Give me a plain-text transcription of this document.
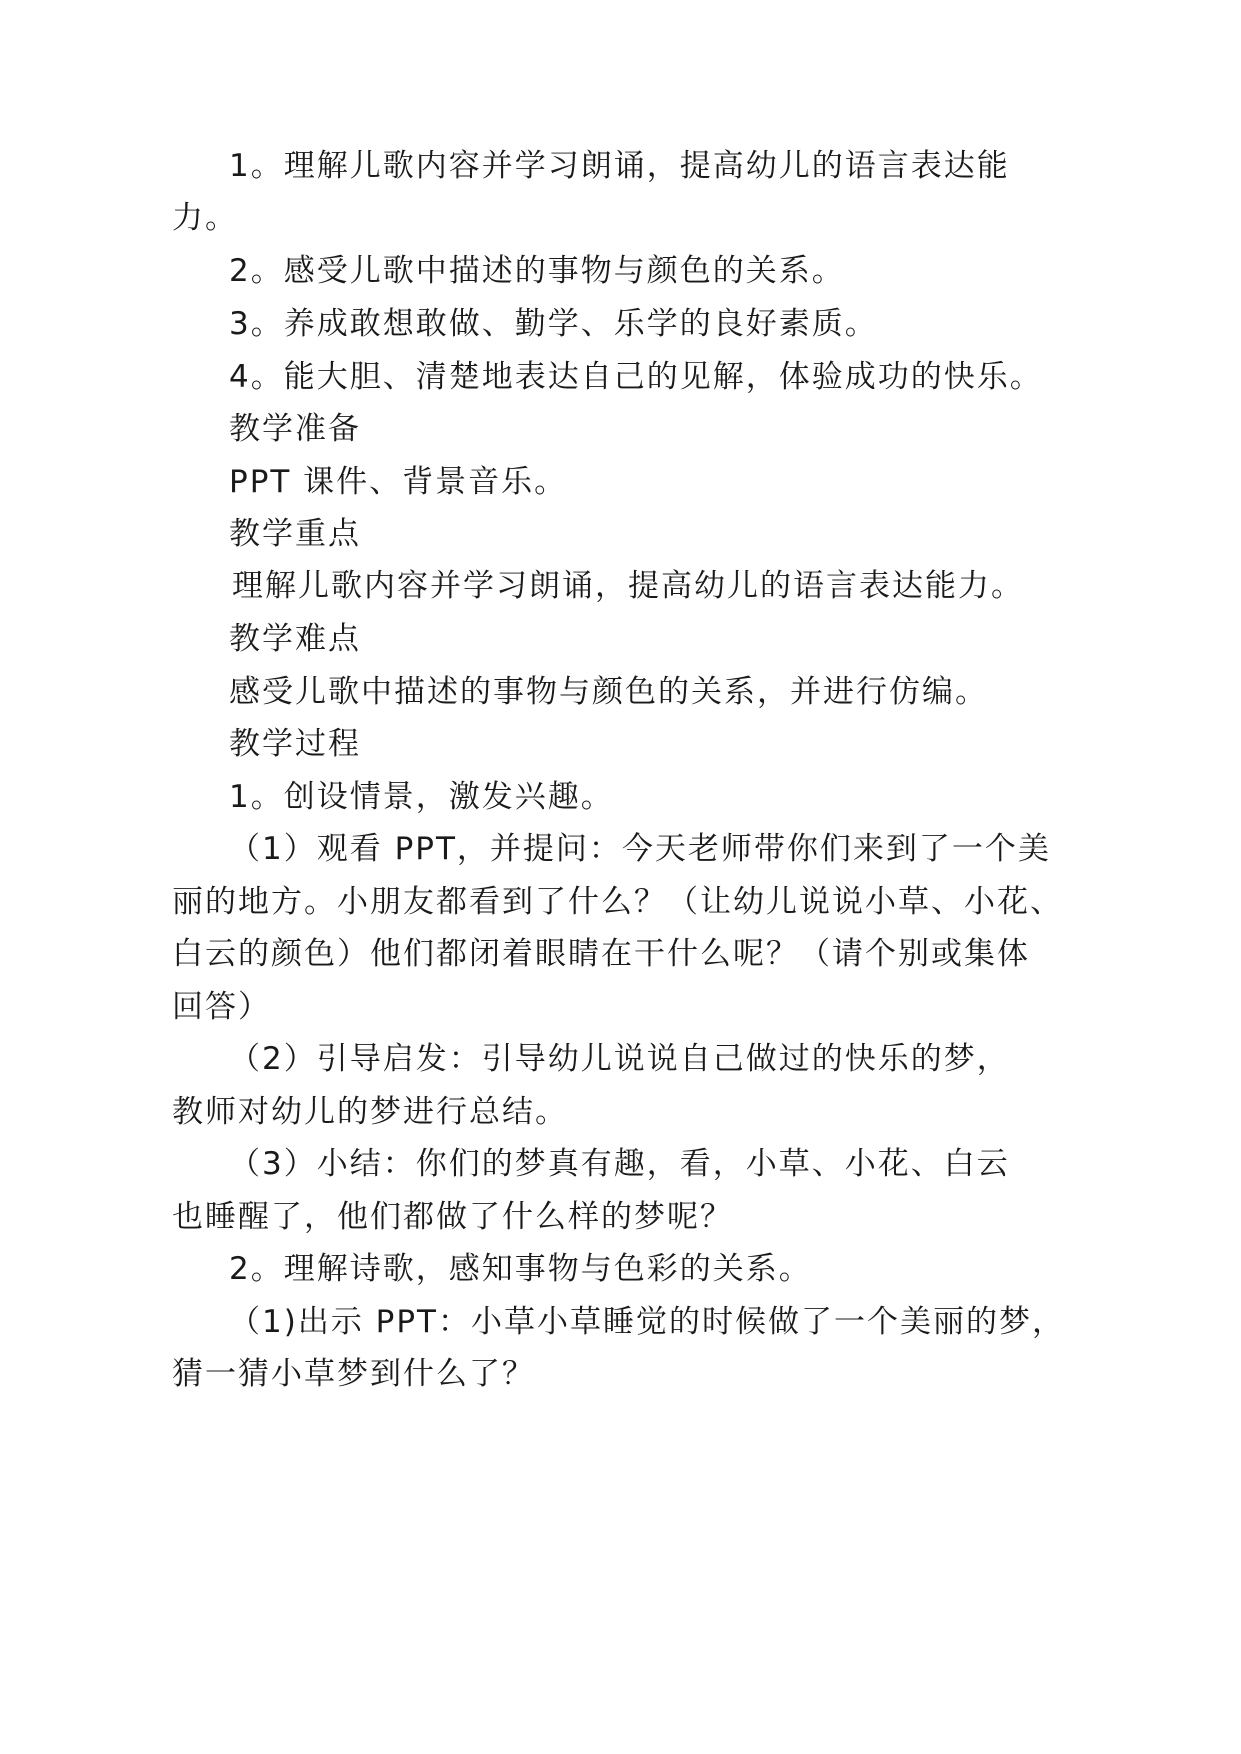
1。理解儿歌内容并学习朗诵，提高幼儿的语言表达能
力。
2。感受儿歌中描述的事物与颜色的关系。
3。养成敢想敢做、勤学、乐学的良好素质。
4。能大胆、清楚地表达自己的见解，体验成功的快乐。
教学准备
PPT 课件、背景音乐。
教学重点
理解儿歌内容并学习朗诵，提高幼儿的语言表达能力。
教学难点
感受儿歌中描述的事物与颜色的关系，并进行仿编。
教学过程
1。创设情景，激发兴趣。
（1）观看 PPT，并提问：今天老师带你们来到了一个美
丽的地方。小朋友都看到了什么？（让幼儿说说小草、小花、
白云的颜色）他们都闭着眼睛在干什么呢？（请个别或集体
回答）
（2）引导启发：引导幼儿说说自己做过的快乐的梦，
教师对幼儿的梦进行总结。
（3）小结：你们的梦真有趣，看，小草、小花、白云
也睡醒了，他们都做了什么样的梦呢？
2。理解诗歌，感知事物与色彩的关系。
（1)出示 PPT：小草小草睡觉的时候做了一个美丽的梦，
猜一猜小草梦到什么了？
